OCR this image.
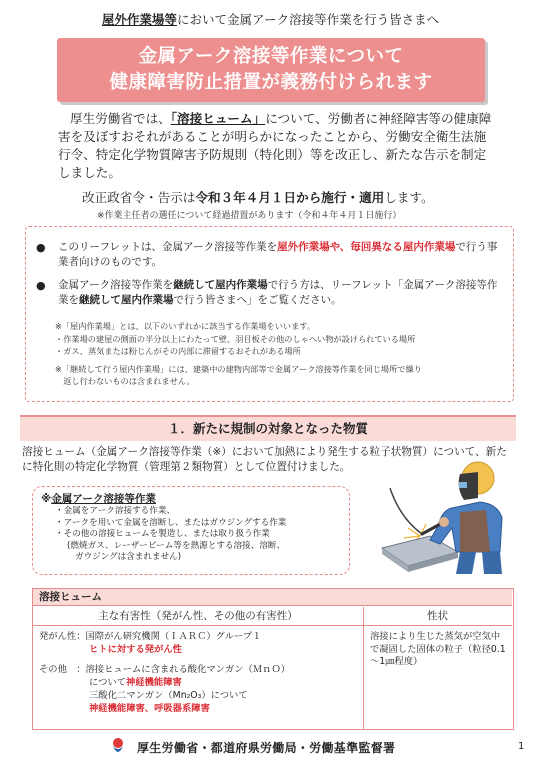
屋外作業場等において金属アーク溶接等作業を行う皆さまへ
金属アーク溶接等作業について
健康障害防止措置が義務付けられます

厚生労働省では、「溶接ヒューム」について、労働者に神経障害等の健康障害を及ぼすおそれがあることが明らかになったことから、労働安全衛生法施行令、特定化学物質障害予防規則（特化則）等を改正し、新たな告示を制定しました。

改正政省令・告示は令和３年４月１日から施行・適用します。
※作業主任者の選任について経過措置があります（令和４年４月１日施行）
● このリーフレットは、金属アーク溶接等作業を屋外作業場や、毎回異なる屋内作業場で行う事業者向けのものです。
● 金属アーク溶接等作業を継続して屋内作業場で行う方は、リーフレット「金属アーク溶接等作業を継続して屋内作業場で行う皆さまへ」をご覧ください。
※「屋内作業場」とは、以下のいずれかに該当する作業場をいいます。
・作業場の建屋の側面の半分以上にわたって壁、羽目板その他のしゃへい物が設けられている場所
・ガス、蒸気または粉じんがその内部に滞留するおそれがある場所
※「継続して行う屋内作業場」には、建築中の建物内部等で金属アーク溶接等作業を同じ場所で繰り
　返し行わないものは含まれません。
１．新たに規制の対象となった物質
溶接ヒューム（金属アーク溶接等作業（※）において加熱により発生する粒子状物質）について、新たに特化則の特定化学物質（管理第２類物質）として位置付けました。
※金属アーク溶接等作業
・金属をアーク溶接する作業、
・アークを用いて金属を溶断し、またはガウジングする作業
・その他の溶接ヒュームを製造し、または取り扱う作業
(燃焼ガス、レーザービーム等を熱源とする溶接、溶断、
ガウジングは含まれません)
溶接ヒューム
主な有害性（発がん性、その他の有害性）	性状
発がん性：国際がん研究機関（ＩＡＲＣ）グループ１
ヒトに対する発がん性
その他　：溶接ヒュームに含まれる酸化マンガン（ＭｎＯ）
について神経機能障害
三酸化二マンガン（Mn₂O₃）について
神経機能障害、呼吸器系障害
溶接により生じた蒸気が空気中で凝固した固体の粒子（粒径0.1～1㎛程度）
厚生労働省・都道府県労働局・労働基準監督署	1
